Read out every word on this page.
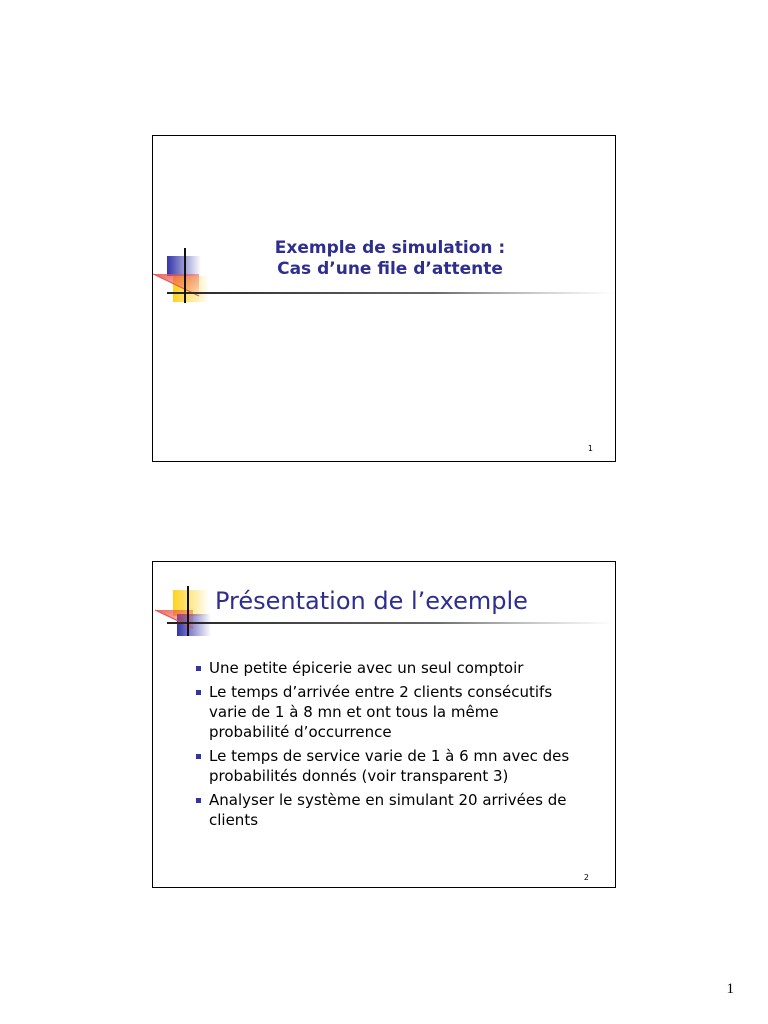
Exemple de simulation :
Cas d’une file d’attente
1
Présentation de l’exemple
Une petite épicerie avec un seul comptoir
Le temps d’arrivée entre 2 clients consécutifs varie de 1 à 8 mn et ont tous la même probabilité d’occurrence
Le temps de service varie de 1 à 6 mn avec des probabilités donnés (voir transparent 3)
Analyser le système en simulant 20 arrivées de clients
2
1
